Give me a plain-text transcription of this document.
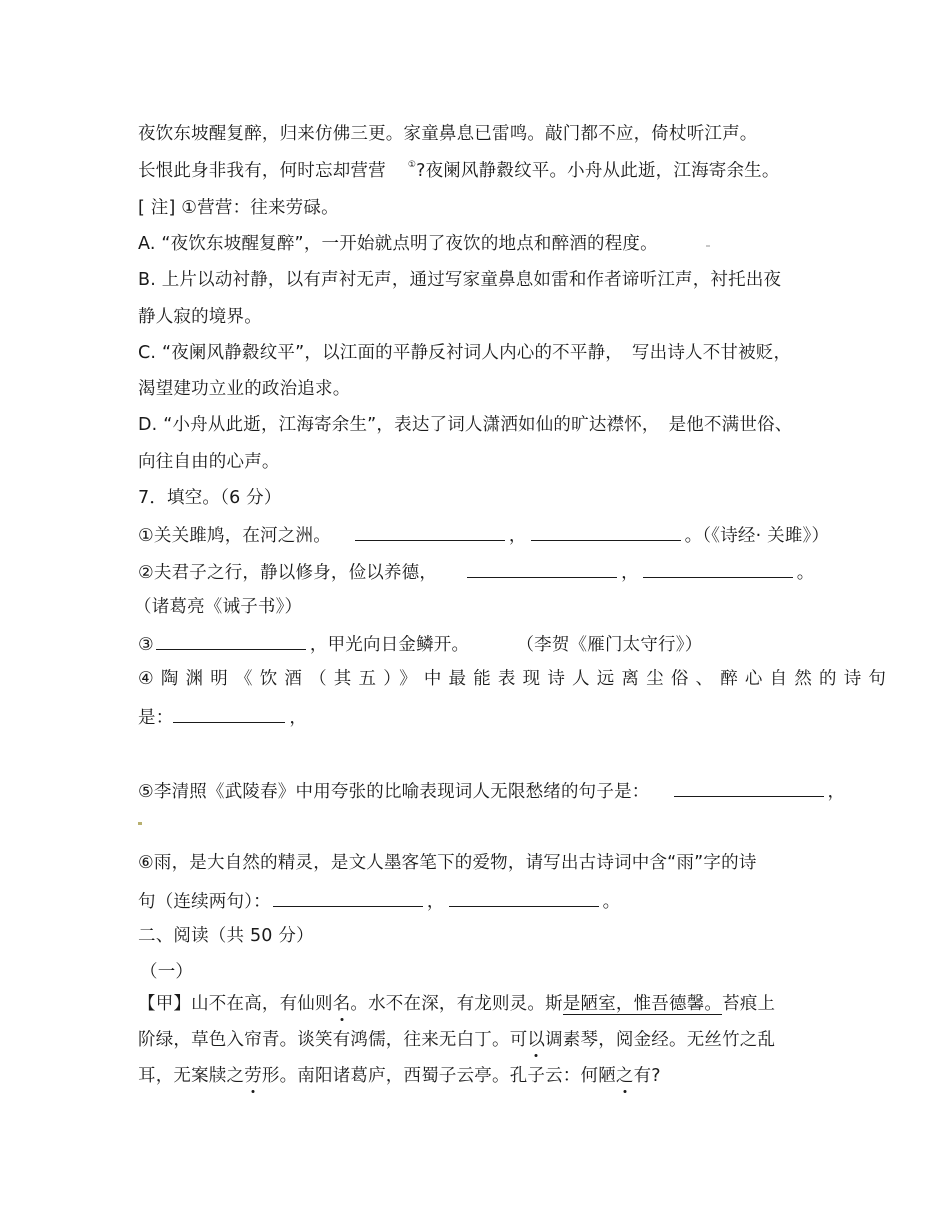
夜饮东坡醒复醉，归来仿佛三更。家童鼻息已雷鸣。敲门都不应，倚杖听江声。
长恨此身非我有，何时忘却营营 ①?夜阑风静縠纹平。小舟从此逝，江海寄余生。
[ 注] ①营营：往来劳碌。
A. “夜饮东坡醒复醉”，一开始就点明了夜饮的地点和醉酒的程度。
B. 上片以动衬静，以有声衬无声，通过写家童鼻息如雷和作者谛听江声，衬托出夜
静人寂的境界。
C. “夜阑风静縠纹平”，以江面的平静反衬词人内心的不平静，　写出诗人不甘被贬，
渴望建功立业的政治追求。
D. “小舟从此逝，江海寄余生”，表达了词人潇洒如仙的旷达襟怀，　是他不满世俗、
向往自由的心声。
7．填空。（6 分）
①关关雎鸠，在河之洲。	，	。（《诗经· 关雎》）
②夫君子之行，静以修身，俭以养德，	，	。
（诸葛亮《诫子书》）
③	，甲光向日金鳞开。	（李贺《雁门太守行》）
④陶渊明《饮酒（其五）》中最能表现诗人远离尘俗、醉心自然的诗句
是：	，
⑤李清照《武陵春》中用夸张的比喻表现词人无限愁绪的句子是：	，
⑥雨，是大自然的精灵，是文人墨客笔下的爱物，请写出古诗词中含“雨”字的诗
句（连续两句）：	，	。
二、阅读（共 50 分）
（一）
【甲】山不在高，有仙则名。水不在深，有龙则灵。斯是陋室，惟吾德馨。苔痕上
阶绿，草色入帘青。谈笑有鸿儒，往来无白丁。可以调素琴，阅金经。无丝竹之乱
耳，无案牍之劳形。南阳诸葛庐，西蜀子云亭。孔子云：何陋之有?
